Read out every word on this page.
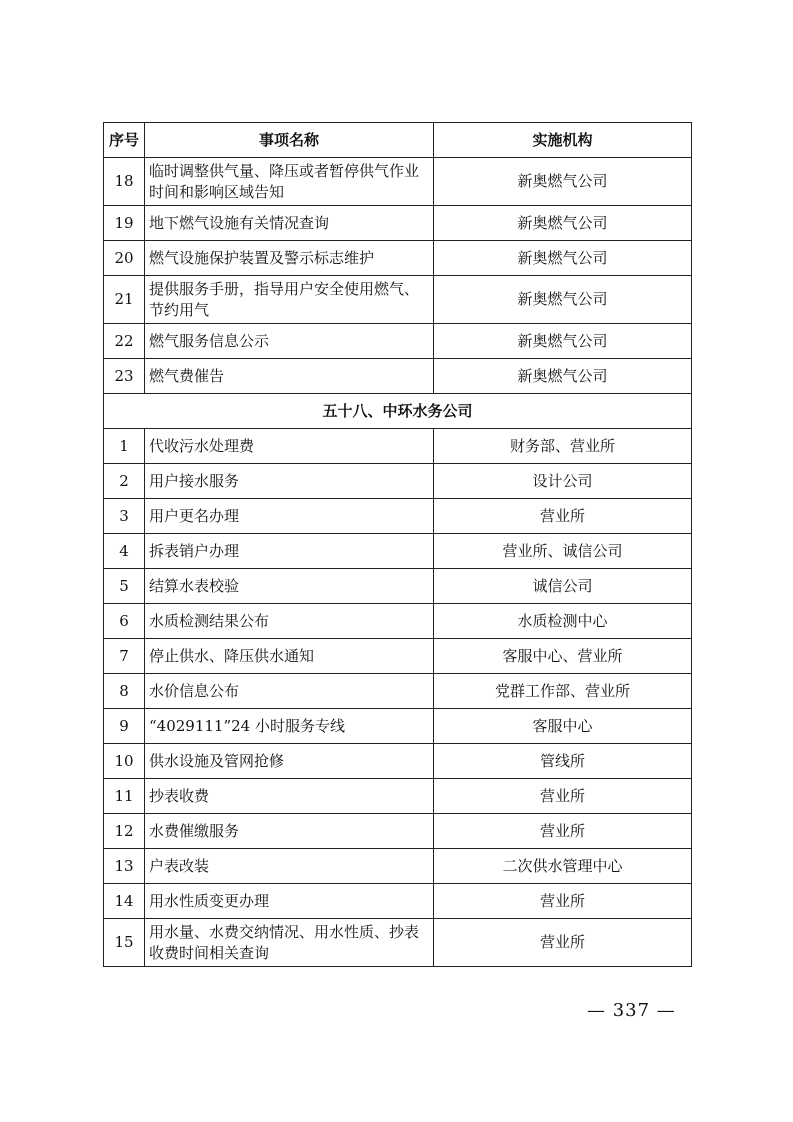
序号	事项名称	实施机构
18	临时调整供气量、降压或者暂停供气作业时间和影响区域告知	新奥燃气公司
19	地下燃气设施有关情况查询	新奥燃气公司
20	燃气设施保护装置及警示标志维护	新奥燃气公司
21	提供服务手册，指导用户安全使用燃气、节约用气	新奥燃气公司
22	燃气服务信息公示	新奥燃气公司
23	燃气费催告	新奥燃气公司
五十八、中环水务公司		
1	代收污水处理费	财务部、营业所
2	用户接水服务	设计公司
3	用户更名办理	营业所
4	拆表销户办理	营业所、诚信公司
5	结算水表校验	诚信公司
6	水质检测结果公布	水质检测中心
7	停止供水、降压供水通知	客服中心、营业所
8	水价信息公布	党群工作部、营业所
9	“4029111”24 小时服务专线	客服中心
10	供水设施及管网抢修	管线所
11	抄表收费	营业所
12	水费催缴服务	营业所
13	户表改装	二次供水管理中心
14	用水性质变更办理	营业所
15	用水量、水费交纳情况、用水性质、抄表收费时间相关查询	营业所
— 337 —
